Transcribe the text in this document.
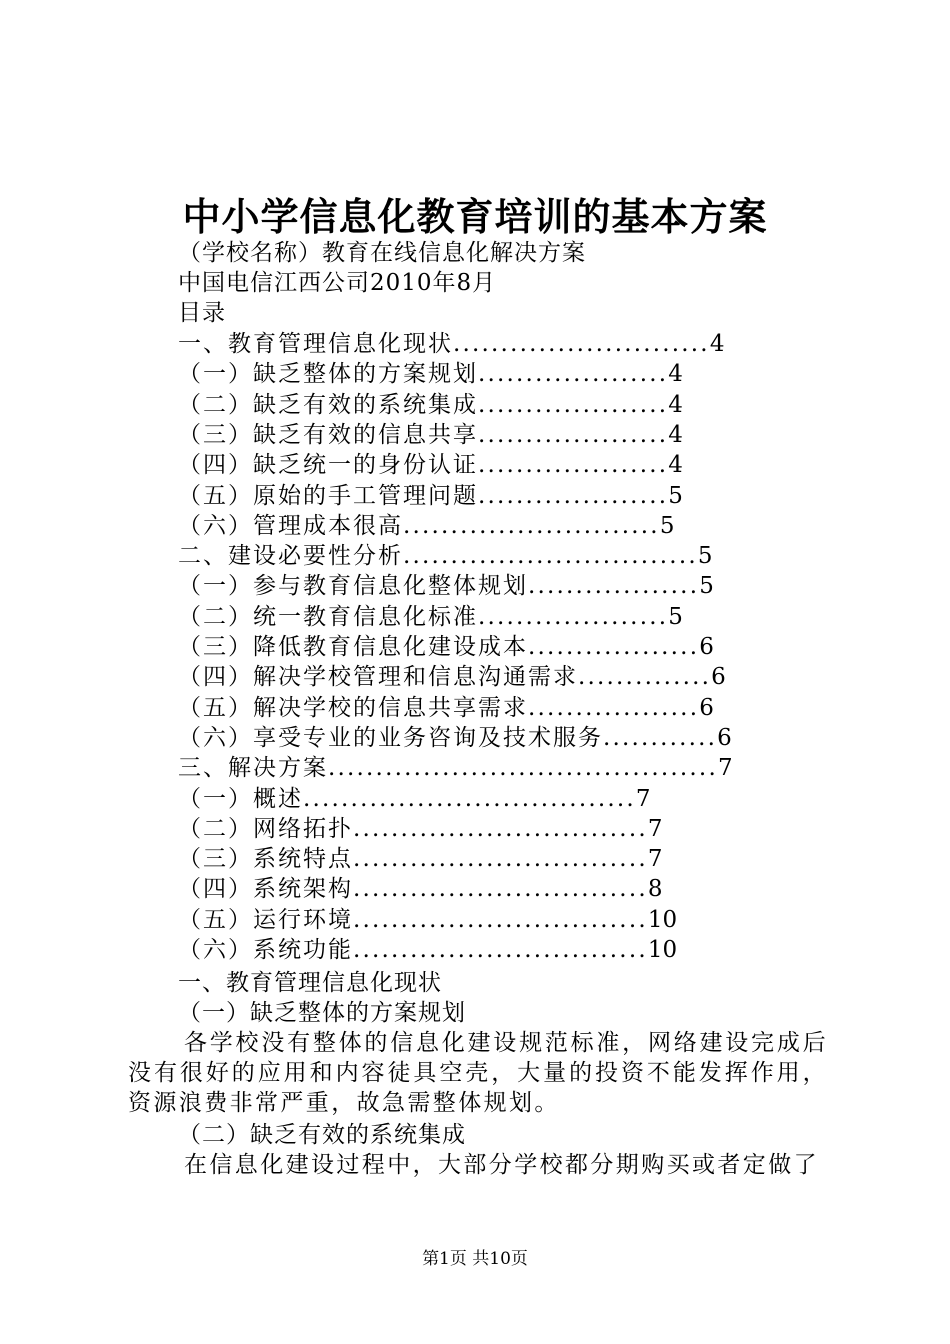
中小学信息化教育培训的基本方案
（学校名称）教育在线信息化解决方案
中国电信江西公司2010年8月
目录
一、教育管理信息化现状...........................4
（一）缺乏整体的方案规划....................4
（二）缺乏有效的系统集成....................4
（三）缺乏有效的信息共享....................4
（四）缺乏统一的身份认证....................4
（五）原始的手工管理问题....................5
（六）管理成本很高...........................5
二、建设必要性分析...............................5
（一）参与教育信息化整体规划..................5
（二）统一教育信息化标准....................5
（三）降低教育信息化建设成本..................6
（四）解决学校管理和信息沟通需求..............6
（五）解决学校的信息共享需求..................6
（六）享受专业的业务咨询及技术服务............6
三、解决方案.........................................7
（一）概述...................................7
（二）网络拓扑...............................7
（三）系统特点...............................7
（四）系统架构...............................8
（五）运行环境...............................10
（六）系统功能...............................10
一、教育管理信息化现状
（一）缺乏整体的方案规划
各学校没有整体的信息化建设规范标准，网络建设完成后没有很好的应用和内容徒具空壳，大量的投资不能发挥作用，资源浪费非常严重，故急需整体规划。
（二）缺乏有效的系统集成
在信息化建设过程中，大部分学校都分期购买或者定做了
第1页 共10页
